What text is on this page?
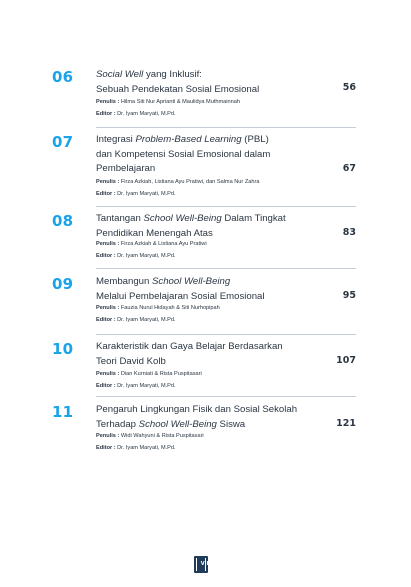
06 Social Well yang Inklusif:
Sebuah Pendekatan Sosial Emosional	56
Penulis : Hilma Siti Nur Aprianti & Maulidya Muthmainnah
Editor : Dr. Iyam Maryati, M.Pd.
07 Integrasi Problem-Based Learning (PBL)
dan Kompetensi Sosial Emosional dalam
Pembelajaran	67
Penulis : Firza Azkiah, Listiana Ayu Pratiwi, dan Salma Nur Zahra
Editor : Dr. Iyam Maryati, M.Pd.
08 Tantangan School Well-Being Dalam Tingkat
Pendidikan Menengah Atas	83
Penulis : Firza Azkiah & Listiana Ayu Pratiwi
Editor : Dr. Iyam Maryati, M.Pd.
09 Membangun School Well-Being
Melalui Pembelajaran Sosial Emosional	95
Penulis : Fauzia Nurul Hidayah & Siti Nurhopipah
Editor : Dr. Iyam Maryati, M.Pd.
10 Karakteristik dan Gaya Belajar Berdasarkan
Teori David Kolb	107
Penulis : Dian Kurniati & Rista Puspitasari
Editor : Dr. Iyam Maryati, M.Pd.
11 Pengaruh Lingkungan Fisik dan Sosial Sekolah
Terhadap School Well-Being Siswa	121
Penulis : Widi Wahyuni & Rista Puspitasari
Editor : Dr. Iyam Maryati, M.Pd.
VIII
